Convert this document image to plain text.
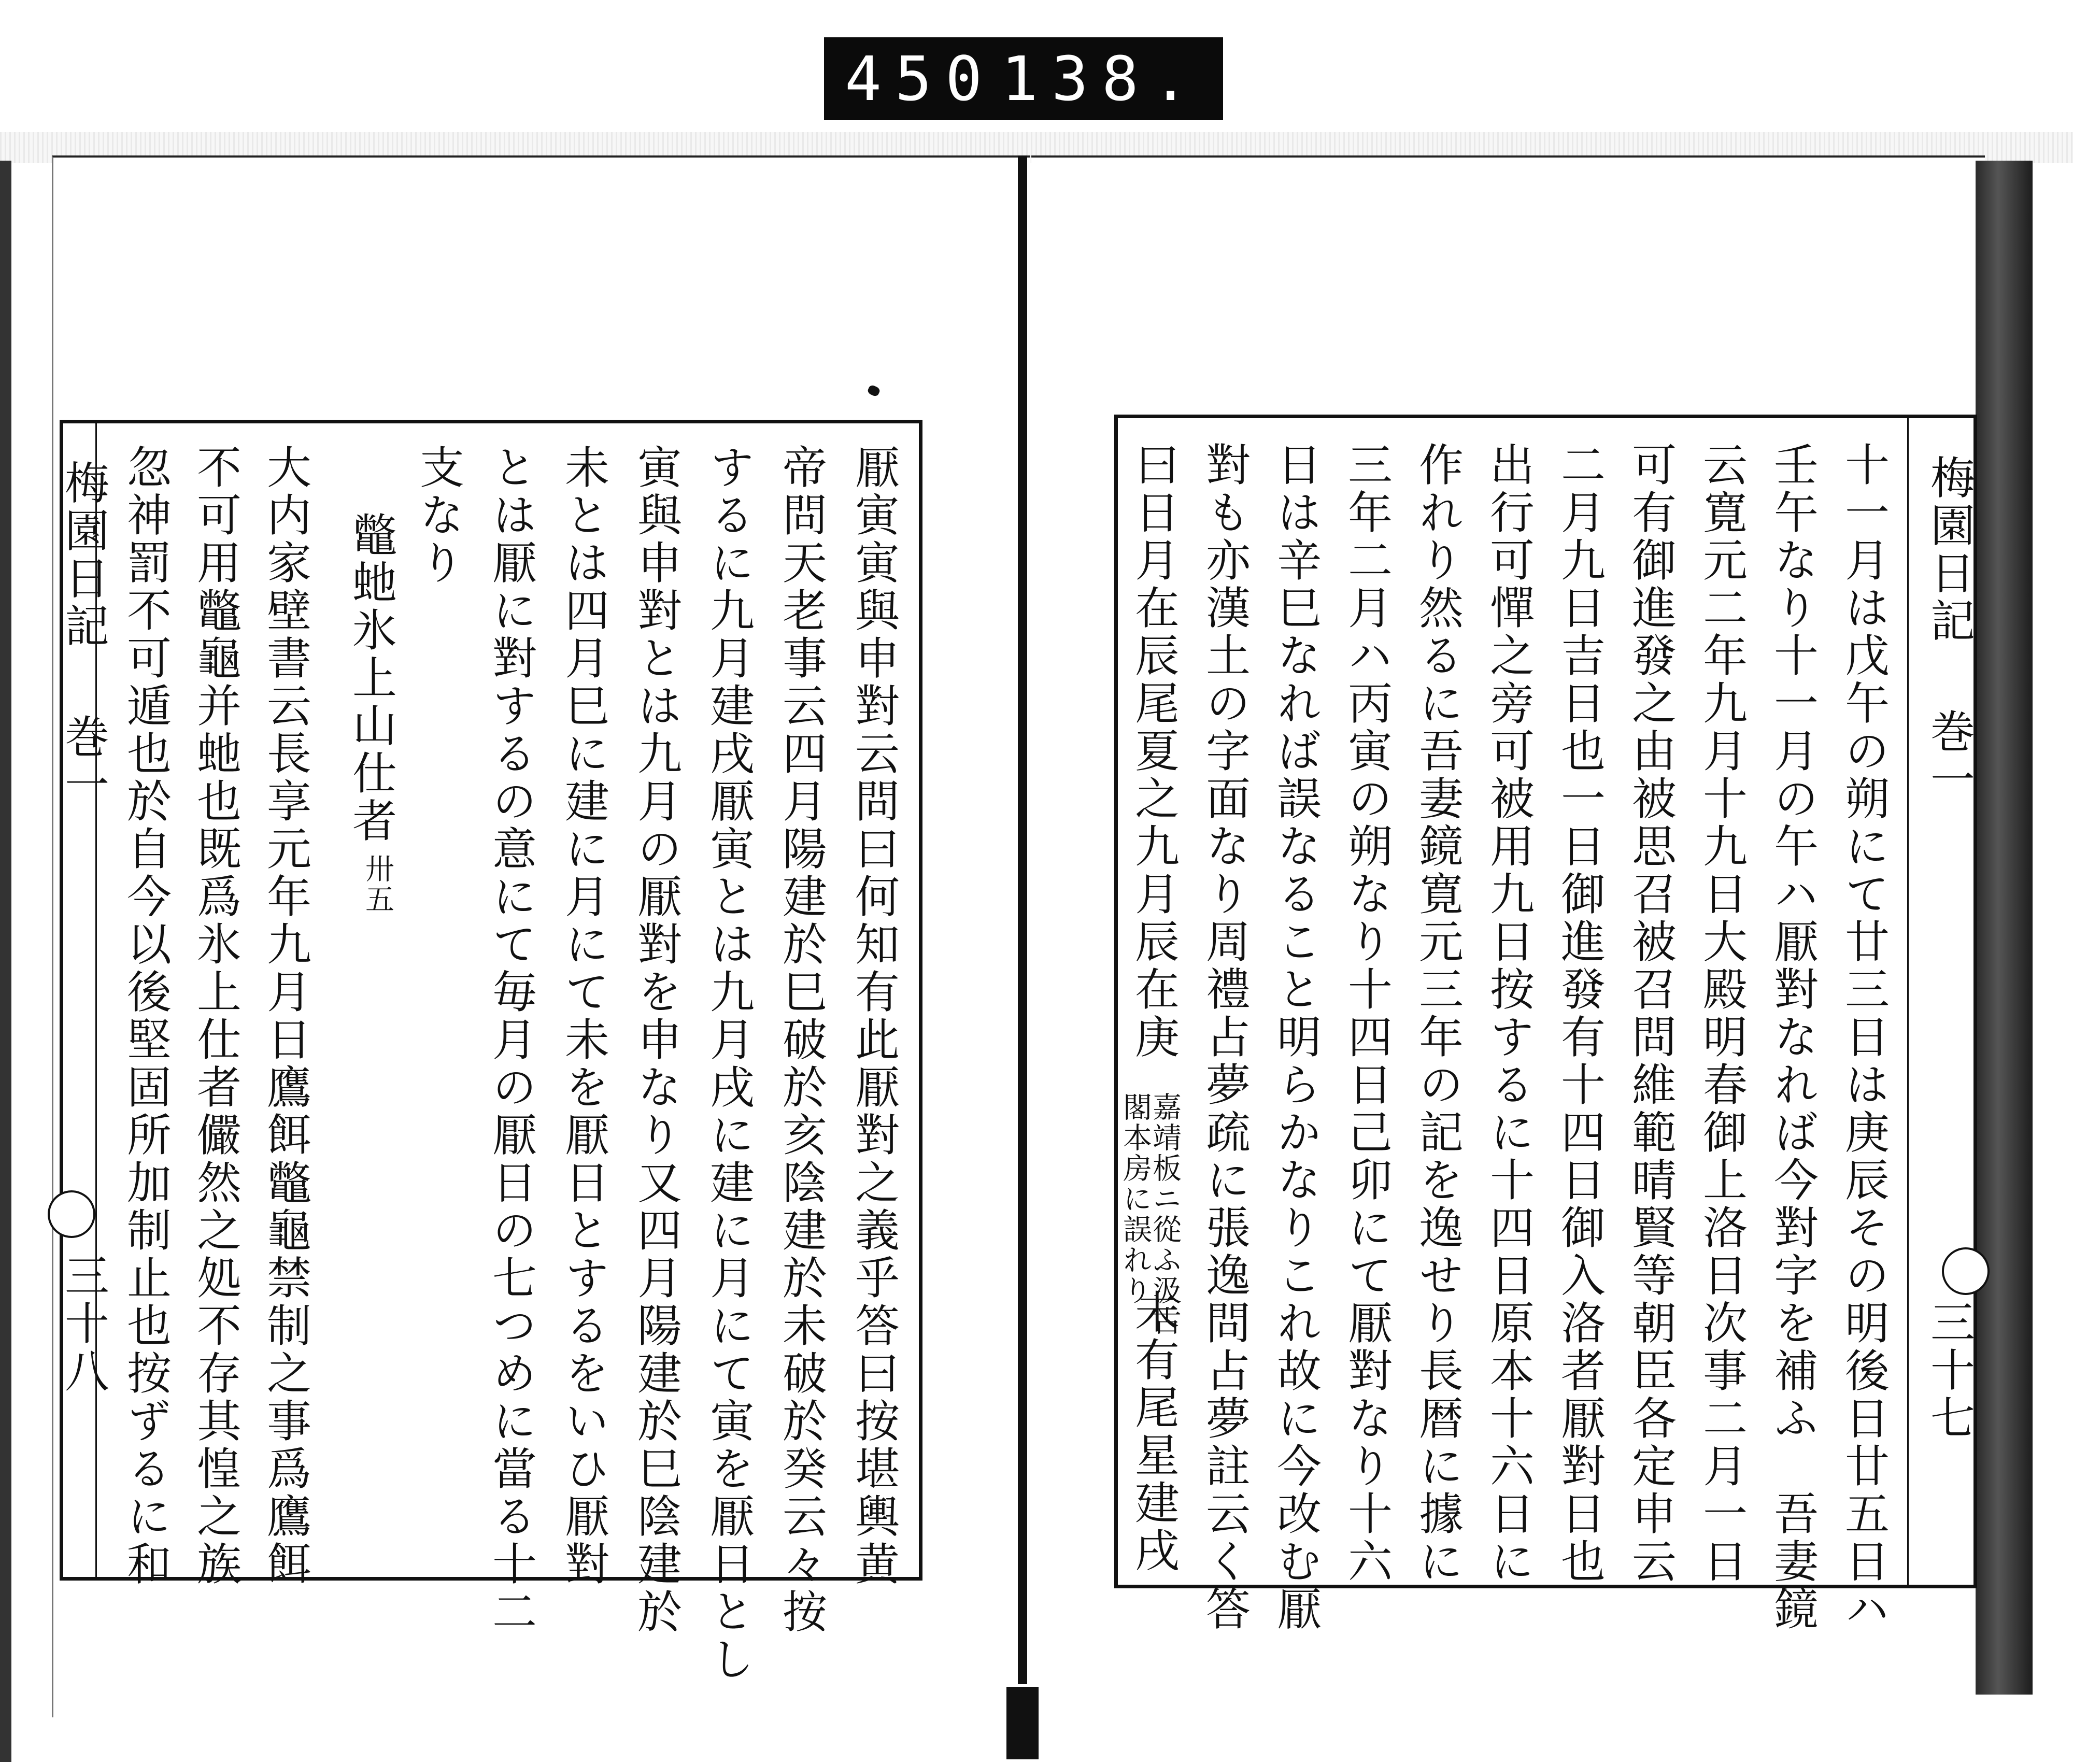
450 138.
梅園日記
巻一
三十八 忽神罰不可遁也於自今以後堅固所加制止也按ずるに和 不可用鼈龜并虵也既爲氷上仕者儼然之処不存其惶之族 大内家壁書云長享元年九月日鷹餌鼈龜禁制之事爲鷹餌 鼈虵氷上山仕者
卅五
支なり とは厭に對するの意にて毎月の厭日の七つめに當る十二 未とは四月巳に建に月にて未を厭日とするをいひ厭對 寅與申對とは九月の厭對を申なり又四月陽建於巳陰建於 するに九月建戌厭寅とは九月戌に建に月にて寅を厭日とし 帝問天老事云四月陽建於巳破於亥陰建於未破於癸云々按 厭寅寅與申對云問曰何知有此厭對之義乎答曰按堪輿黄	梅園日記
巻一
三十七
十一月は戊午の朔にて廿三日は庚辰その明後日廿五日ハ
壬午なり十一月の午ハ厭對なれば今對字を補ふ　吾妻鏡
云寛元二年九月十九日大殿明春御上洛日次事二月一日
可有御進發之由被思召被召問維範晴賢等朝臣各定申云
二月九日吉日也一日御進發有十四日御入洛者厭對日也
出行可憚之旁可被用九日按するに十四日原本十六日に
作れり然るに吾妻鏡寛元三年の記を逸せり長暦に據に
三年二月ハ丙寅の朔なり十四日己卯にて厭對なり十六
日は辛巳なれば誤なること明らかなりこれ故に今改む厭
對も亦漢土の字面なり周禮占夢疏に張逸問占夢註云く答
曰日月在辰尾夏之九月辰在庚
嘉靖板ニ從ふ汲古
閣本房に誤れり
未有尾星建戌
